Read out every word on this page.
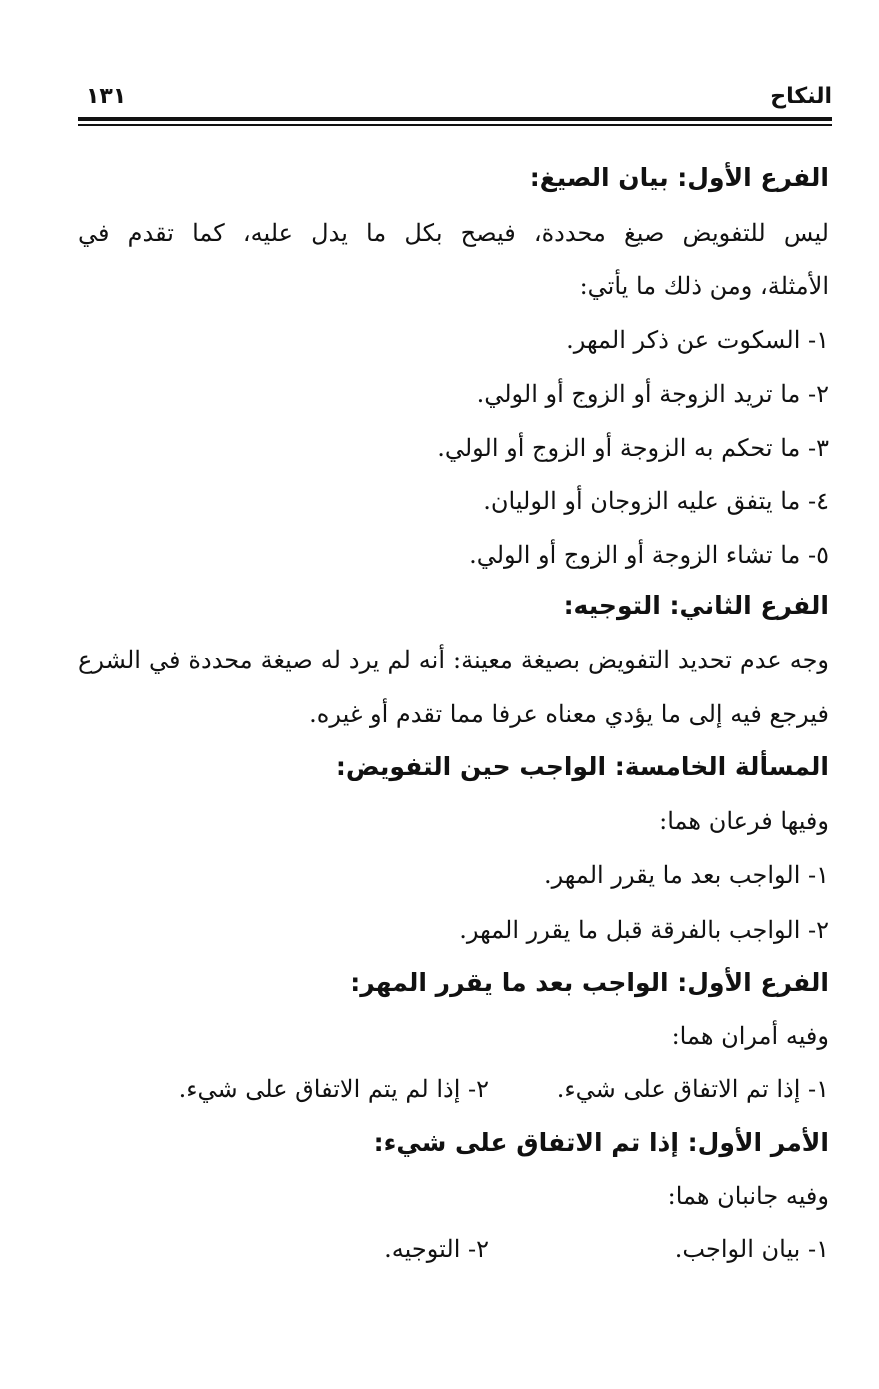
النكاح
١٣١
الفرع الأول: بيان الصيغ:
ليس للتفويض صيغ محددة، فيصح بكل ما يدل عليه، كما تقدم في
الأمثلة، ومن ذلك ما يأتي:
١- السكوت عن ذكر المهر.
٢- ما تريد الزوجة أو الزوج أو الولي.
٣- ما تحكم به الزوجة أو الزوج أو الولي.
٤- ما يتفق عليه الزوجان أو الوليان.
٥- ما تشاء الزوجة أو الزوج أو الولي.
الفرع الثاني: التوجيه:
وجه عدم تحديد التفويض بصيغة معينة: أنه لم يرد له صيغة محددة في الشرع
فيرجع فيه إلى ما يؤدي معناه عرفا مما تقدم أو غيره.
المسألة الخامسة: الواجب حين التفويض:
وفيها فرعان هما:
١- الواجب بعد ما يقرر المهر.
٢- الواجب بالفرقة قبل ما يقرر المهر.
الفرع الأول: الواجب بعد ما يقرر المهر:
وفيه أمران هما:
١- إذا تم الاتفاق على شيء.٢- إذا لم يتم الاتفاق على شيء.
الأمر الأول: إذا تم الاتفاق على شيء:
وفيه جانبان هما:
١- بيان الواجب.٢- التوجيه.
